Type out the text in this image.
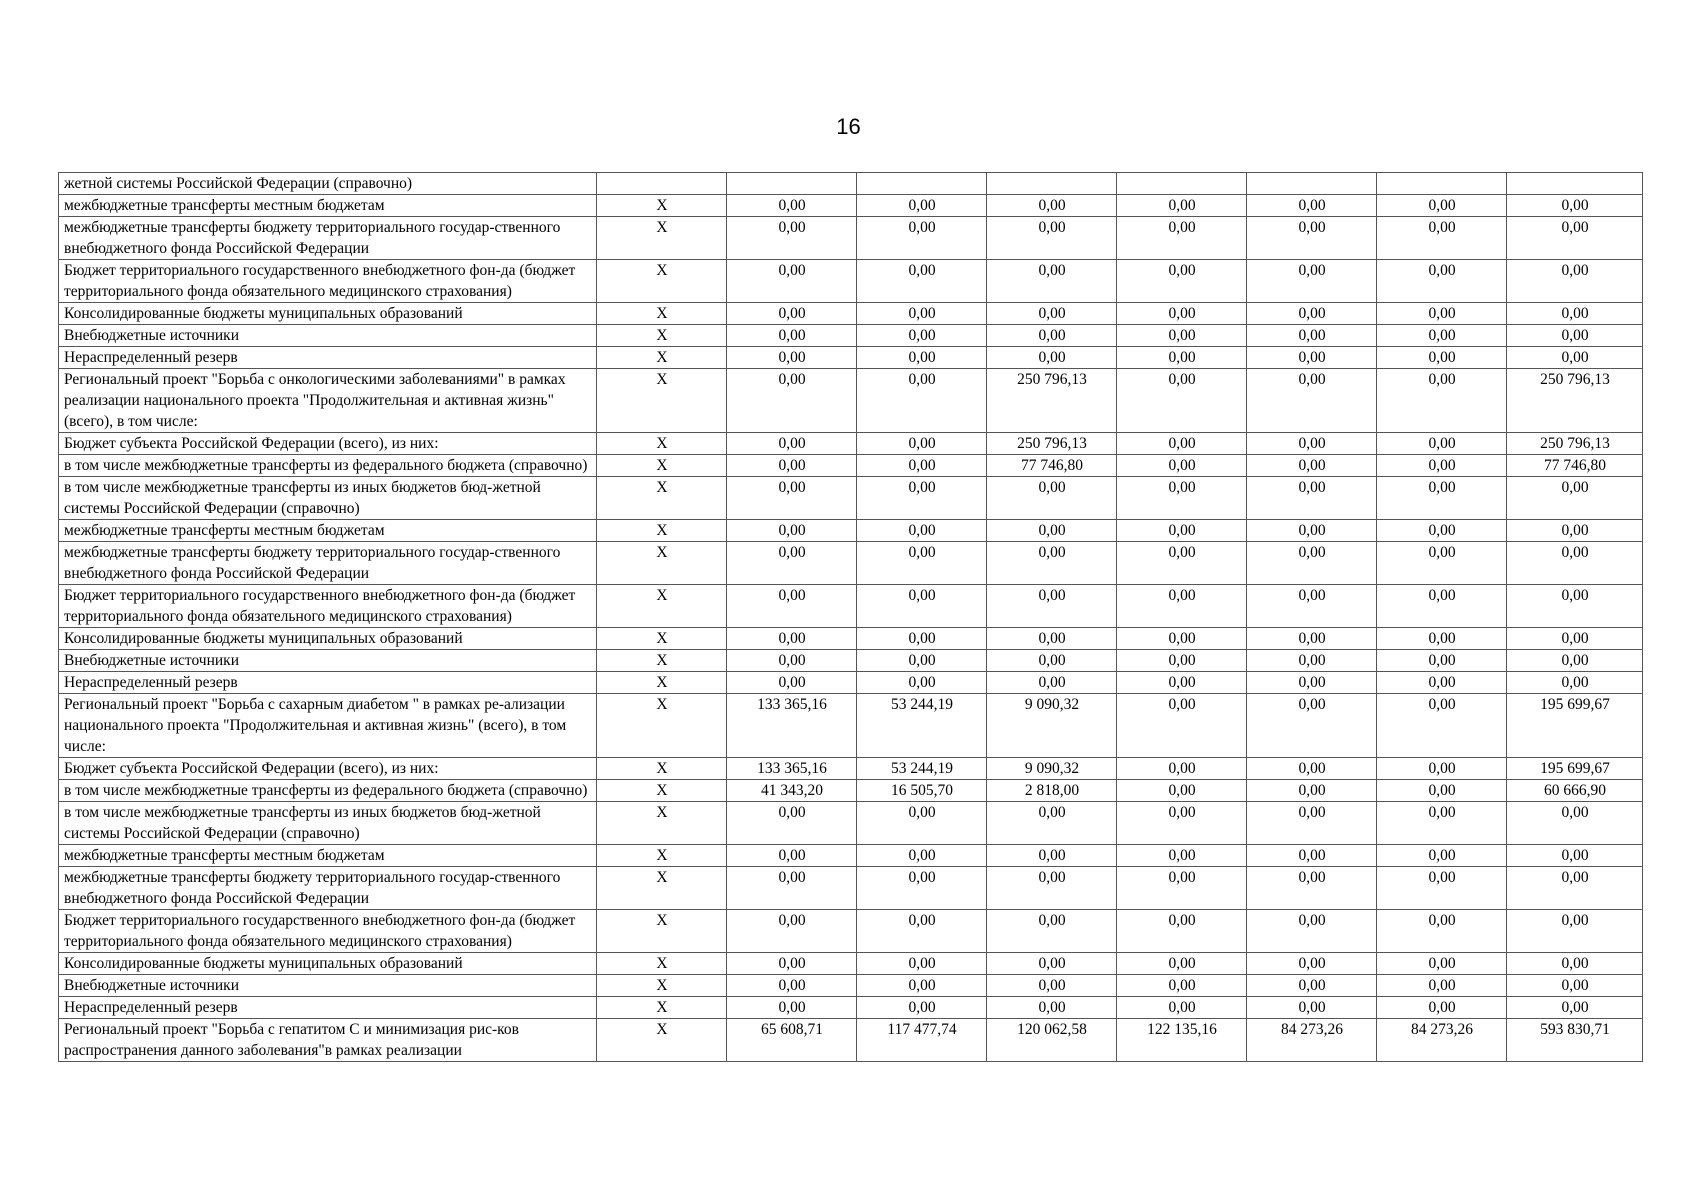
16
жетной системы Российской Федерации (справочно)								
межбюджетные трансферты местным бюджетам	X	0,00	0,00	0,00	0,00	0,00	0,00	0,00
межбюджетные трансферты бюджету территориального государ-ственного внебюджетного фонда Российской Федерации	X	0,00	0,00	0,00	0,00	0,00	0,00	0,00
Бюджет территориального государственного внебюджетного фон-да (бюджет территориального фонда обязательного медицинского страхования)	X	0,00	0,00	0,00	0,00	0,00	0,00	0,00
Консолидированные бюджеты муниципальных образований	X	0,00	0,00	0,00	0,00	0,00	0,00	0,00
Внебюджетные источники	X	0,00	0,00	0,00	0,00	0,00	0,00	0,00
Нераспределенный резерв	X	0,00	0,00	0,00	0,00	0,00	0,00	0,00
Региональный проект "Борьба с онкологическими заболеваниями" в рамках реализации национального проекта "Продолжительная и активная жизнь" (всего), в том числе:	X	0,00	0,00	250 796,13	0,00	0,00	0,00	250 796,13
Бюджет субъекта Российской Федерации (всего), из них:	X	0,00	0,00	250 796,13	0,00	0,00	0,00	250 796,13
в том числе межбюджетные трансферты из федерального бюджета (справочно)	X	0,00	0,00	77 746,80	0,00	0,00	0,00	77 746,80
в том числе межбюджетные трансферты из иных бюджетов бюд-жетной системы Российской Федерации (справочно)	X	0,00	0,00	0,00	0,00	0,00	0,00	0,00
межбюджетные трансферты местным бюджетам	X	0,00	0,00	0,00	0,00	0,00	0,00	0,00
межбюджетные трансферты бюджету территориального государ-ственного внебюджетного фонда Российской Федерации	X	0,00	0,00	0,00	0,00	0,00	0,00	0,00
Бюджет территориального государственного внебюджетного фон-да (бюджет территориального фонда обязательного медицинского страхования)	X	0,00	0,00	0,00	0,00	0,00	0,00	0,00
Консолидированные бюджеты муниципальных образований	X	0,00	0,00	0,00	0,00	0,00	0,00	0,00
Внебюджетные источники	X	0,00	0,00	0,00	0,00	0,00	0,00	0,00
Нераспределенный резерв	X	0,00	0,00	0,00	0,00	0,00	0,00	0,00
Региональный проект "Борьба с сахарным диабетом " в рамках ре-ализации национального проекта "Продолжительная и активная жизнь" (всего), в том числе:	X	133 365,16	53 244,19	9 090,32	0,00	0,00	0,00	195 699,67
Бюджет субъекта Российской Федерации (всего), из них:	X	133 365,16	53 244,19	9 090,32	0,00	0,00	0,00	195 699,67
в том числе межбюджетные трансферты из федерального бюджета (справочно)	X	41 343,20	16 505,70	2 818,00	0,00	0,00	0,00	60 666,90
в том числе межбюджетные трансферты из иных бюджетов бюд-жетной системы Российской Федерации (справочно)	X	0,00	0,00	0,00	0,00	0,00	0,00	0,00
межбюджетные трансферты местным бюджетам	X	0,00	0,00	0,00	0,00	0,00	0,00	0,00
межбюджетные трансферты бюджету территориального государ-ственного внебюджетного фонда Российской Федерации	X	0,00	0,00	0,00	0,00	0,00	0,00	0,00
Бюджет территориального государственного внебюджетного фон-да (бюджет территориального фонда обязательного медицинского страхования)	X	0,00	0,00	0,00	0,00	0,00	0,00	0,00
Консолидированные бюджеты муниципальных образований	X	0,00	0,00	0,00	0,00	0,00	0,00	0,00
Внебюджетные источники	X	0,00	0,00	0,00	0,00	0,00	0,00	0,00
Нераспределенный резерв	X	0,00	0,00	0,00	0,00	0,00	0,00	0,00
Региональный проект "Борьба с гепатитом С и минимизация рис-ков распространения данного заболевания"в рамках реализации	X	65 608,71	117 477,74	120 062,58	122 135,16	84 273,26	84 273,26	593 830,71
